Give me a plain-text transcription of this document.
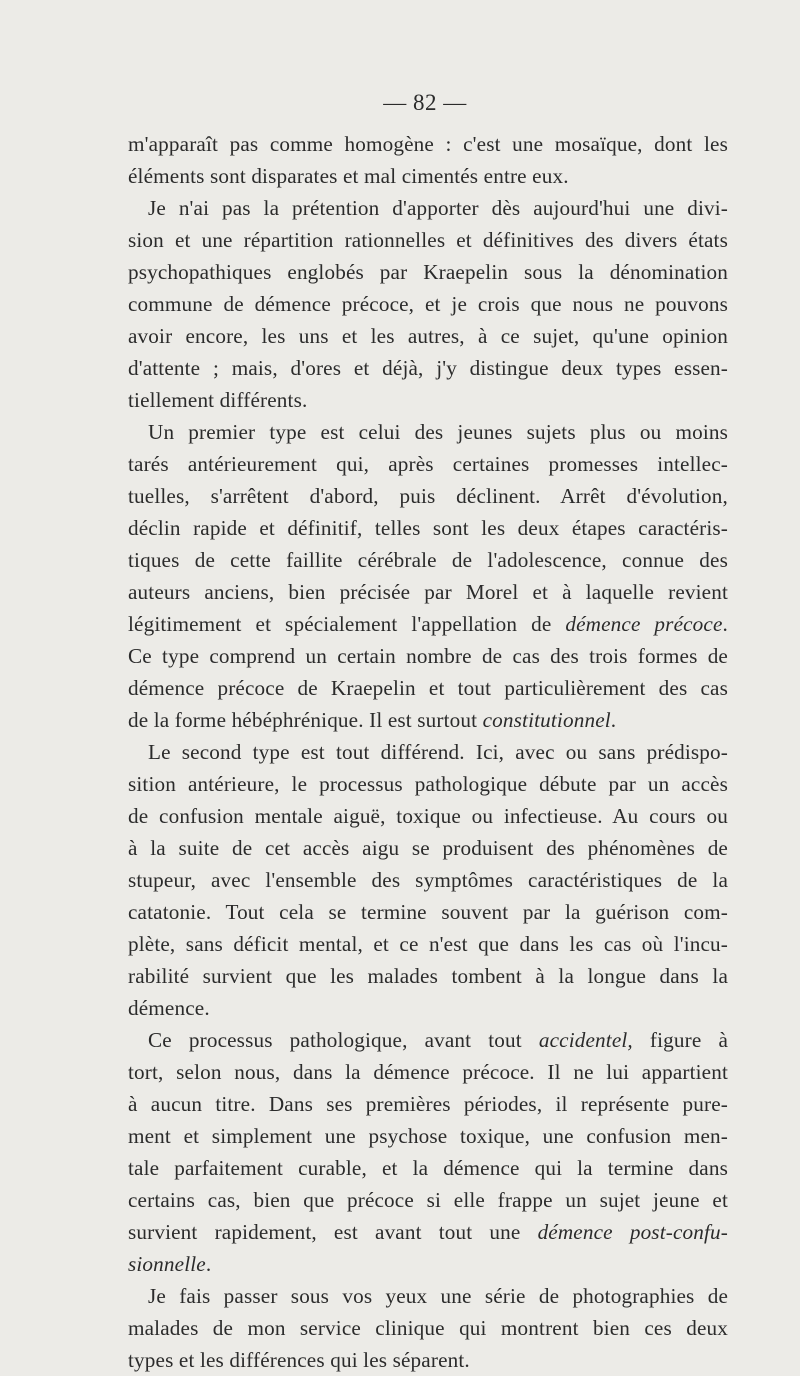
— 82 —
m'apparaît pas comme homogène : c'est une mosaïque, dont les
éléments sont disparates et mal cimentés entre eux.
Je n'ai pas la prétention d'apporter dès aujourd'hui une divi-
sion et une répartition rationnelles et définitives des divers états
psychopathiques englobés par Kraepelin sous la dénomination
commune de démence précoce, et je crois que nous ne pouvons
avoir encore, les uns et les autres, à ce sujet, qu'une opinion
d'attente ; mais, d'ores et déjà, j'y distingue deux types essen-
tiellement différents.
Un premier type est celui des jeunes sujets plus ou moins
tarés antérieurement qui, après certaines promesses intellec-
tuelles, s'arrêtent d'abord, puis déclinent. Arrêt d'évolution,
déclin rapide et définitif, telles sont les deux étapes caractéris-
tiques de cette faillite cérébrale de l'adolescence, connue des
auteurs anciens, bien précisée par Morel et à laquelle revient
légitimement et spécialement l'appellation de démence précoce.
Ce type comprend un certain nombre de cas des trois formes de
démence précoce de Kraepelin et tout particulièrement des cas
de la forme hébéphrénique. Il est surtout constitutionnel.
Le second type est tout différend. Ici, avec ou sans prédispo-
sition antérieure, le processus pathologique débute par un accès
de confusion mentale aiguë, toxique ou infectieuse. Au cours ou
à la suite de cet accès aigu se produisent des phénomènes de
stupeur, avec l'ensemble des symptômes caractéristiques de la
catatonie. Tout cela se termine souvent par la guérison com-
plète, sans déficit mental, et ce n'est que dans les cas où l'incu-
rabilité survient que les malades tombent à la longue dans la
démence.
Ce processus pathologique, avant tout accidentel, figure à
tort, selon nous, dans la démence précoce. Il ne lui appartient
à aucun titre. Dans ses premières périodes, il représente pure-
ment et simplement une psychose toxique, une confusion men-
tale parfaitement curable, et la démence qui la termine dans
certains cas, bien que précoce si elle frappe un sujet jeune et
survient rapidement, est avant tout une démence post-confu-
sionnelle.
Je fais passer sous vos yeux une série de photographies de
malades de mon service clinique qui montrent bien ces deux
types et les différences qui les séparent.
